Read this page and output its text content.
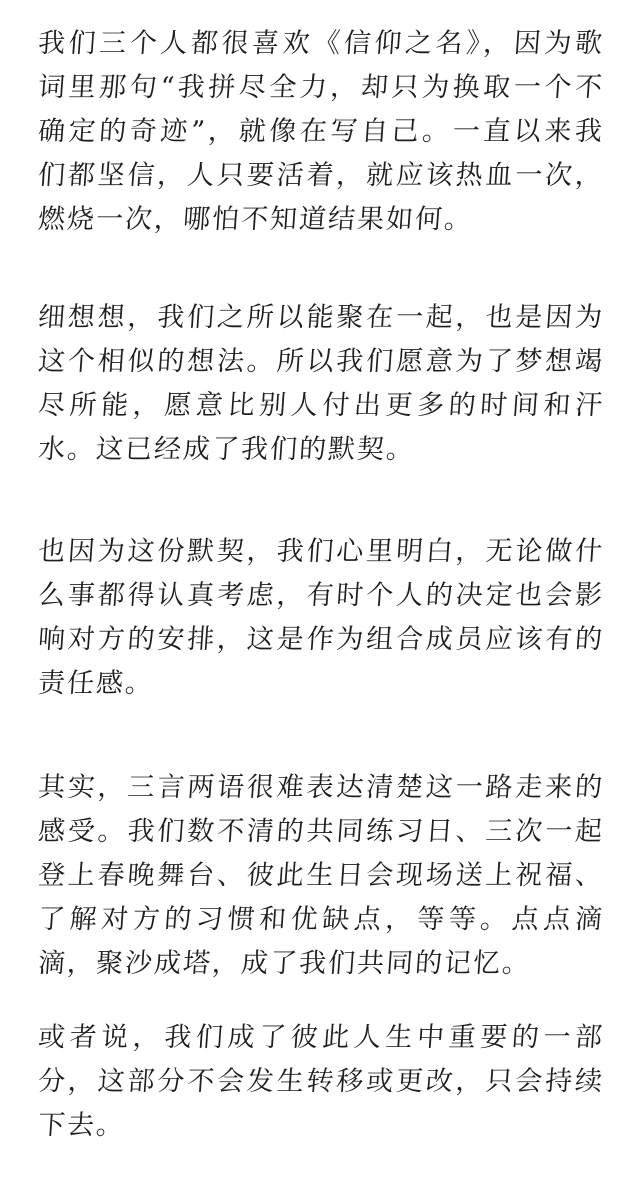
我们三个人都很喜欢《信仰之名》，因为歌
词里那句“我拼尽全力，却只为换取一个不
确定的奇迹”，就像在写自己。一直以来我
们都坚信，人只要活着，就应该热血一次，
燃烧一次，哪怕不知道结果如何。
细想想，我们之所以能聚在一起，也是因为
这个相似的想法。所以我们愿意为了梦想竭
尽所能，愿意比别人付出更多的时间和汗
水。这已经成了我们的默契。
也因为这份默契，我们心里明白，无论做什
么事都得认真考虑，有时个人的决定也会影
响对方的安排，这是作为组合成员应该有的
责任感。
其实，三言两语很难表达清楚这一路走来的
感受。我们数不清的共同练习日、三次一起
登上春晚舞台、彼此生日会现场送上祝福、
了解对方的习惯和优缺点，等等。点点滴
滴，聚沙成塔，成了我们共同的记忆。
或者说，我们成了彼此人生中重要的一部
分，这部分不会发生转移或更改，只会持续
下去。
